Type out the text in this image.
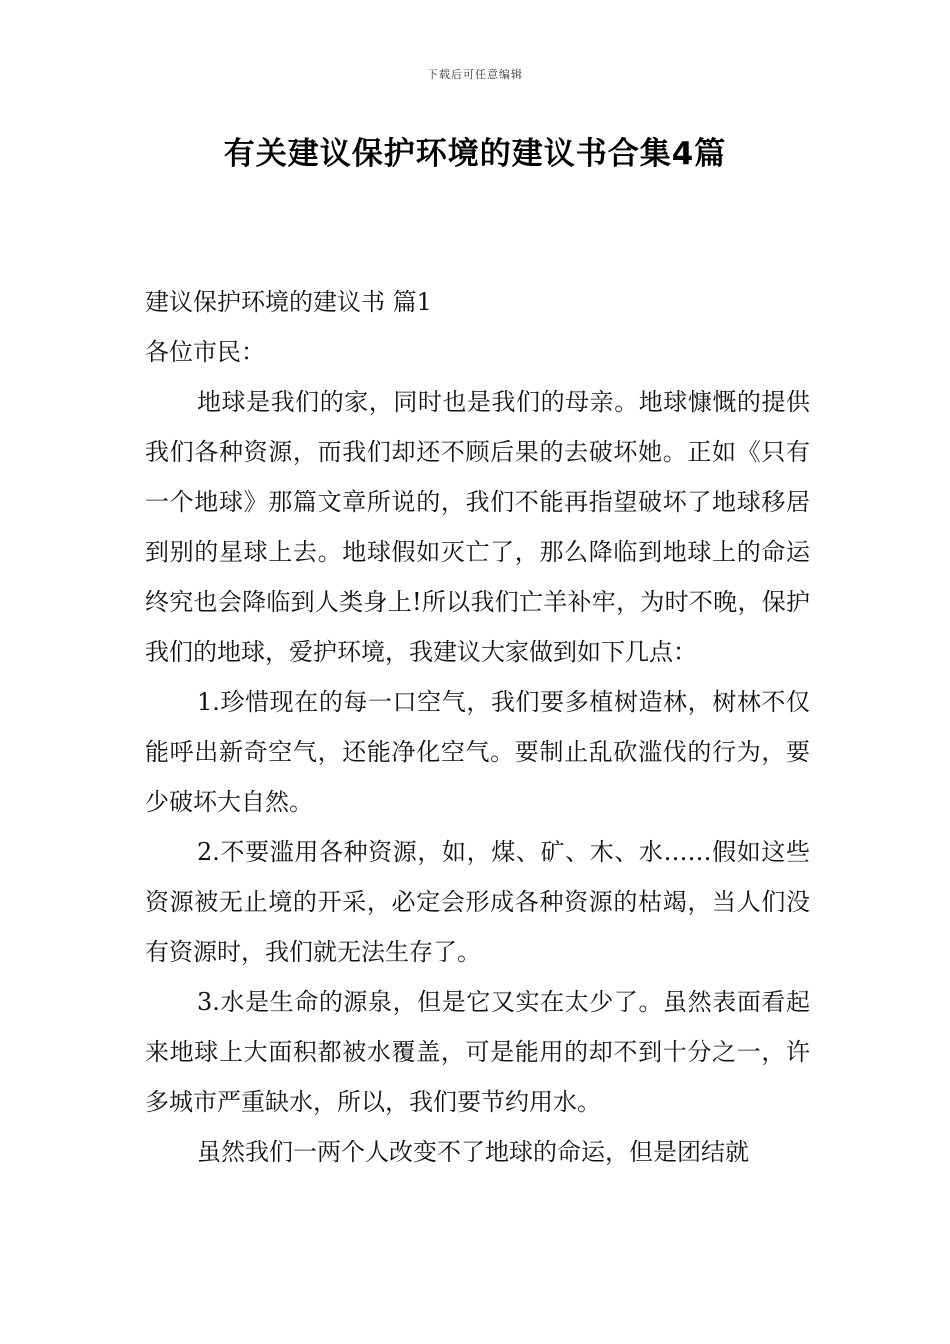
下载后可任意编辑
有关建议保护环境的建议书合集4篇

建议保护环境的建议书 篇1

各位市民：

地球是我们的家，同时也是我们的母亲。地球慷慨的提供我们各种资源，而我们却还不顾后果的去破坏她。正如《只有一个地球》那篇文章所说的，我们不能再指望破坏了地球移居到别的星球上去。地球假如灭亡了，那么降临到地球上的命运终究也会降临到人类身上!所以我们亡羊补牢，为时不晚，保护我们的地球，爱护环境，我建议大家做到如下几点：

1.珍惜现在的每一口空气，我们要多植树造林，树林不仅能呼出新奇空气，还能净化空气。要制止乱砍滥伐的行为，要少破坏大自然。

2.不要滥用各种资源，如，煤、矿、木、水……假如这些资源被无止境的开采，必定会形成各种资源的枯竭，当人们没有资源时，我们就无法生存了。

3.水是生命的源泉，但是它又实在太少了。虽然表面看起来地球上大面积都被水覆盖，可是能用的却不到十分之一，许多城市严重缺水，所以，我们要节约用水。

虽然我们一两个人改变不了地球的命运，但是团结就
